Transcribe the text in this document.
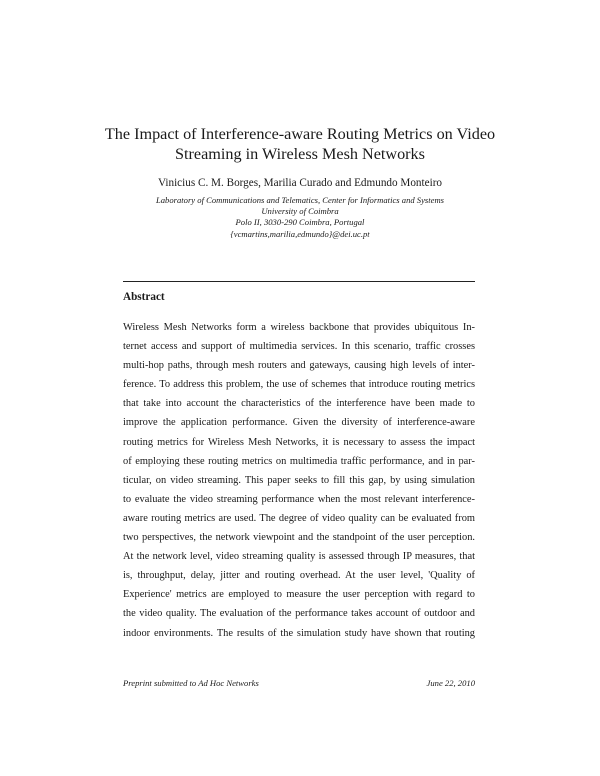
The Impact of Interference-aware Routing Metrics on Video
Streaming in Wireless Mesh Networks
Vinicius C. M. Borges, Marilia Curado and Edmundo Monteiro
Laboratory of Communications and Telematics, Center for Informatics and Systems
University of Coimbra
Polo II, 3030-290 Coimbra, Portugal
{vcmartins,marilia,edmundo}@dei.uc.pt
Abstract
Wireless Mesh Networks form a wireless backbone that provides ubiquitous In-
ternet access and support of multimedia services. In this scenario, traffic crosses
multi-hop paths, through mesh routers and gateways, causing high levels of inter-
ference. To address this problem, the use of schemes that introduce routing metrics
that take into account the characteristics of the interference have been made to
improve the application performance. Given the diversity of interference-aware
routing metrics for Wireless Mesh Networks, it is necessary to assess the impact
of employing these routing metrics on multimedia traffic performance, and in par-
ticular, on video streaming. This paper seeks to fill this gap, by using simulation
to evaluate the video streaming performance when the most relevant interference-
aware routing metrics are used. The degree of video quality can be evaluated from
two perspectives, the network viewpoint and the standpoint of the user perception.
At the network level, video streaming quality is assessed through IP measures, that
is, throughput, delay, jitter and routing overhead. At the user level, 'Quality of
Experience' metrics are employed to measure the user perception with regard to
the video quality. The evaluation of the performance takes account of outdoor and
indoor environments. The results of the simulation study have shown that routing
Preprint submitted to Ad Hoc Networks	June 22, 2010
